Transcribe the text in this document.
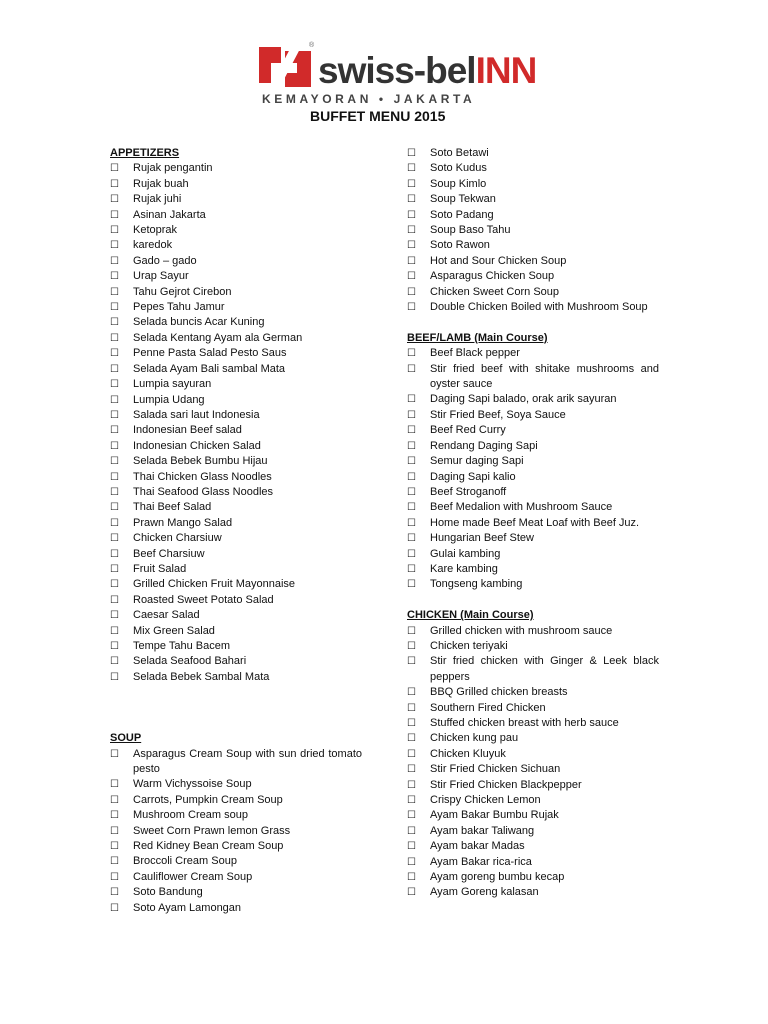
®
swiss-belINN
KEMAYORAN • JAKARTA
BUFFET MENU 2015
APPETIZERS
☐	Rujak pengantin
☐	Rujak buah
☐	Rujak juhi
☐	Asinan Jakarta
☐	Ketoprak
☐	karedok
☐	Gado – gado
☐	Urap Sayur
☐	Tahu Gejrot Cirebon
☐	Pepes Tahu Jamur
☐	Selada buncis Acar Kuning
☐	Selada Kentang Ayam ala German
☐	Penne Pasta Salad Pesto Saus
☐	Selada Ayam Bali sambal Mata
☐	Lumpia sayuran
☐	Lumpia Udang
☐	Salada sari laut Indonesia
☐	Indonesian Beef salad
☐	Indonesian Chicken Salad
☐	Selada Bebek Bumbu Hijau
☐	Thai Chicken Glass Noodles
☐	Thai Seafood Glass Noodles
☐	Thai Beef Salad
☐	Prawn Mango Salad
☐	Chicken Charsiuw
☐	Beef Charsiuw
☐	Fruit Salad
☐	Grilled Chicken Fruit Mayonnaise
☐	Roasted Sweet Potato Salad
☐	Caesar Salad
☐	Mix Green Salad
☐	Tempe Tahu Bacem
☐	Selada Seafood Bahari
☐	Selada Bebek Sambal Mata
SOUP
☐	Asparagus Cream Soup with sun dried tomato pesto
☐	Warm Vichyssoise Soup
☐	Carrots, Pumpkin Cream Soup
☐	Mushroom Cream soup
☐	Sweet Corn Prawn lemon Grass
☐	Red Kidney Bean Cream Soup
☐	Broccoli Cream Soup
☐	Cauliflower Cream Soup
☐	Soto Bandung
☐	Soto Ayam Lamongan
☐	Soto Betawi
☐	Soto Kudus
☐	Soup Kimlo
☐	Soup Tekwan
☐	Soto Padang
☐	Soup Baso Tahu
☐	Soto Rawon
☐	Hot and Sour Chicken Soup
☐	Asparagus Chicken Soup
☐	Chicken Sweet Corn Soup
☐	Double Chicken Boiled with Mushroom Soup
BEEF/LAMB (Main Course)
☐	Beef Black pepper
☐	Stir fried beef with shitake mushrooms and oyster sauce
☐	Daging Sapi balado, orak arik sayuran
☐	Stir Fried Beef, Soya Sauce
☐	Beef Red Curry
☐	Rendang Daging Sapi
☐	Semur daging Sapi
☐	Daging Sapi kalio
☐	Beef Stroganoff
☐	Beef Medalion with Mushroom Sauce
☐	Home made Beef Meat Loaf with Beef Juz.
☐	Hungarian Beef Stew
☐	Gulai kambing
☐	Kare kambing
☐	Tongseng kambing
CHICKEN (Main Course)
☐	Grilled chicken with mushroom sauce
☐	Chicken teriyaki
☐	Stir fried chicken with Ginger & Leek black peppers
☐	BBQ Grilled chicken breasts
☐	Southern Fired Chicken
☐	Stuffed chicken breast with herb sauce
☐	Chicken kung pau
☐	Chicken Kluyuk
☐	Stir Fried Chicken Sichuan
☐	Stir Fried Chicken Blackpepper
☐	Crispy Chicken Lemon
☐	Ayam Bakar Bumbu Rujak
☐	Ayam bakar Taliwang
☐	Ayam bakar Madas
☐	Ayam Bakar rica-rica
☐	Ayam goreng bumbu kecap
☐	Ayam Goreng kalasan
